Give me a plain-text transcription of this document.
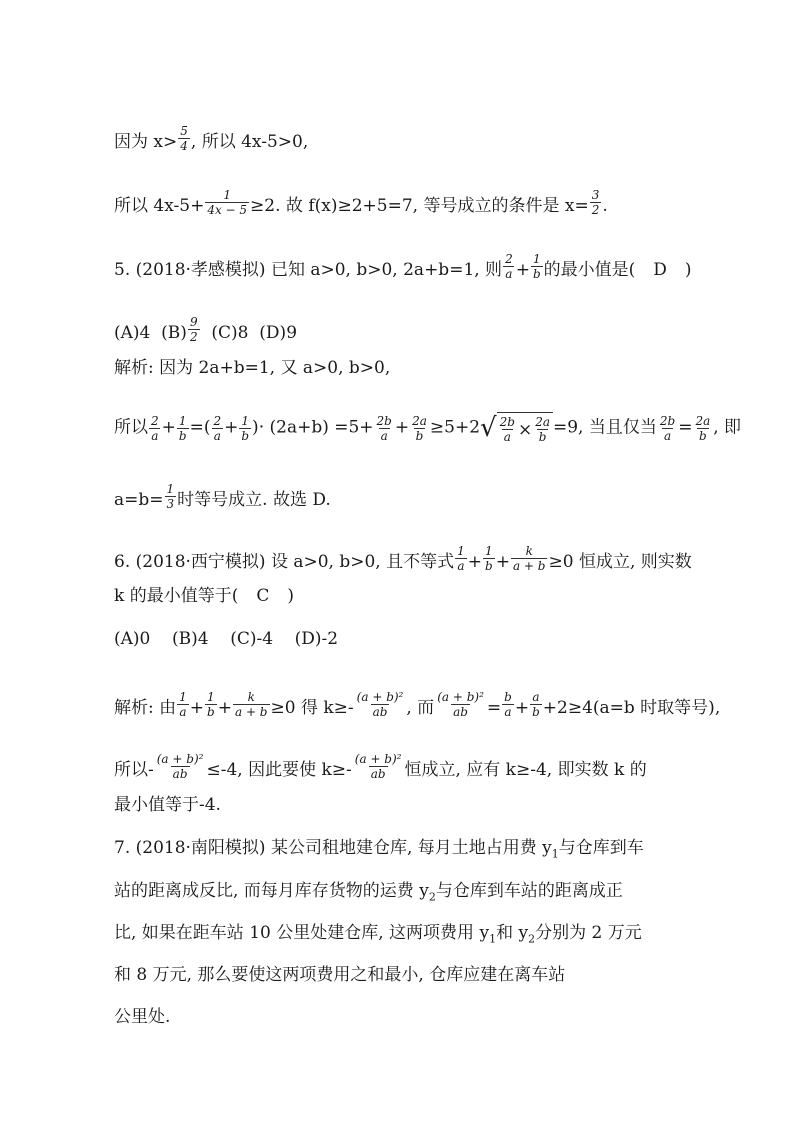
因为 $x> \frac{5}{4}$ , 所以 4x-5>0,
所以 $4x-5+ \frac{1}{4x - 5} \ge 2$. 故 f(x)≥2+5=7, 等号成立的条件是 $x= \frac{3}{2}$ .
5. (2018·孝感模拟) 已知 a>0, b>0, 2a+b=1, 则 $\frac{2}{a} + \frac{1}{b}$ 的最小值是( D )
(A)4 $(B) \frac{9}{2} (C)8$ (D)9
解析: 因为 2a+b=1, 又 a>0, b>0,
所以 $\frac{2}{a} + \frac{1}{b}$ =( $\frac{2}{a} + \frac{1}{b}$ )· $(2a+b) =5+ \frac{2b}{a} + \frac{2a}{b} \ge 5+2$ √ $\frac{2b}{a} \times \frac{2a}{b} =9$, 当且仅当 $\frac{2b}{a} = \frac{2a}{b}$ , 即
$a=b= \frac{1}{3}$ 时等号成立. 故选 D.
6. (2018·西宁模拟) 设 a>0, b>0, 且不等式 $\frac{1}{a} + \frac{1}{b} + \frac{k}{a + b} \ge 0$ 恒成立, 则实数
k 的最小值等于( C )
(A)0 (B)4 (C)-4 (D)-2
解析: 由 $\frac{1}{a} + \frac{1}{b} + \frac{k}{a + b} \ge 0$ 得 $k\ge- \frac{\text{(a + b)²}}{ab}$ , 而 $\frac{\text{(a + b)²}}{ab} = \frac{b}{a} + \frac{a}{b} +2\ge 4(a=b$ 时取等号),
所以- $\frac{\text{(a + b)²}}{ab} \le-4$, 因此要使 $k\ge- \frac{\text{(a + b)²}}{ab}$ 恒成立, 应有 k≥-4, 即实数 k 的
最小值等于-4.
7. (2018·南阳模拟) 某公司租地建仓库, 每月土地占用费 $y_1$与仓库到车
站的距离成反比, 而每月库存货物的运费 $y_2$与仓库到车站的距离成正
比, 如果在距车站 10 公里处建仓库, 这两项费用 $y_1$和 $y_2$分别为 2 万元
和 8 万元, 那么要使这两项费用之和最小, 仓库应建在离车站
公里处.
